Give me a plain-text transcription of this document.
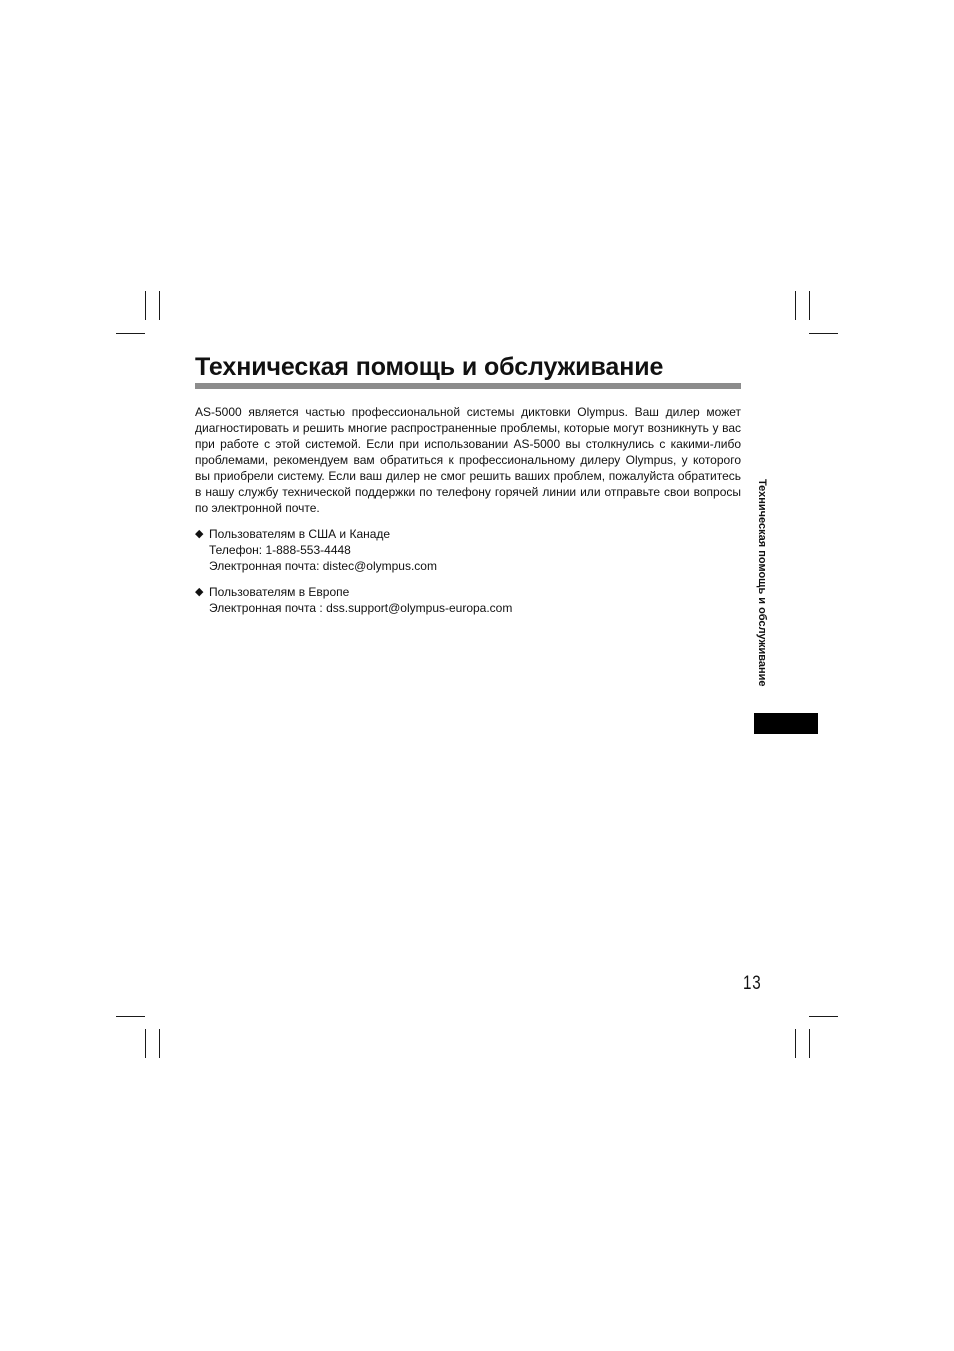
Техническая помощь и обслуживание

AS-5000 является частью профессиональной системы диктовки Olympus. Ваш дилер может диагностировать и решить многие распространенные проблемы, которые могут возникнуть у вас при работе с этой системой. Если при использовании AS-5000 вы столкнулись с какими-либо проблемами, рекомендуем вам обратиться к профессиональному дилеру Olympus, у которого вы приобрели систему. Если ваш дилер не смог решить ваших проблем, пожалуйста обратитесь в нашу службу технической поддержки по телефону горячей линии или отправьте свои вопросы по электронной почте.

◆ Пользователям в США и Канаде
Телефон: 1-888-553-4448
Электронная почта: distec@olympus.com
◆ Пользователям в Европе
Электронная почта : dss.support@olympus-europa.com	Техническая помощь и обслуживание
13
